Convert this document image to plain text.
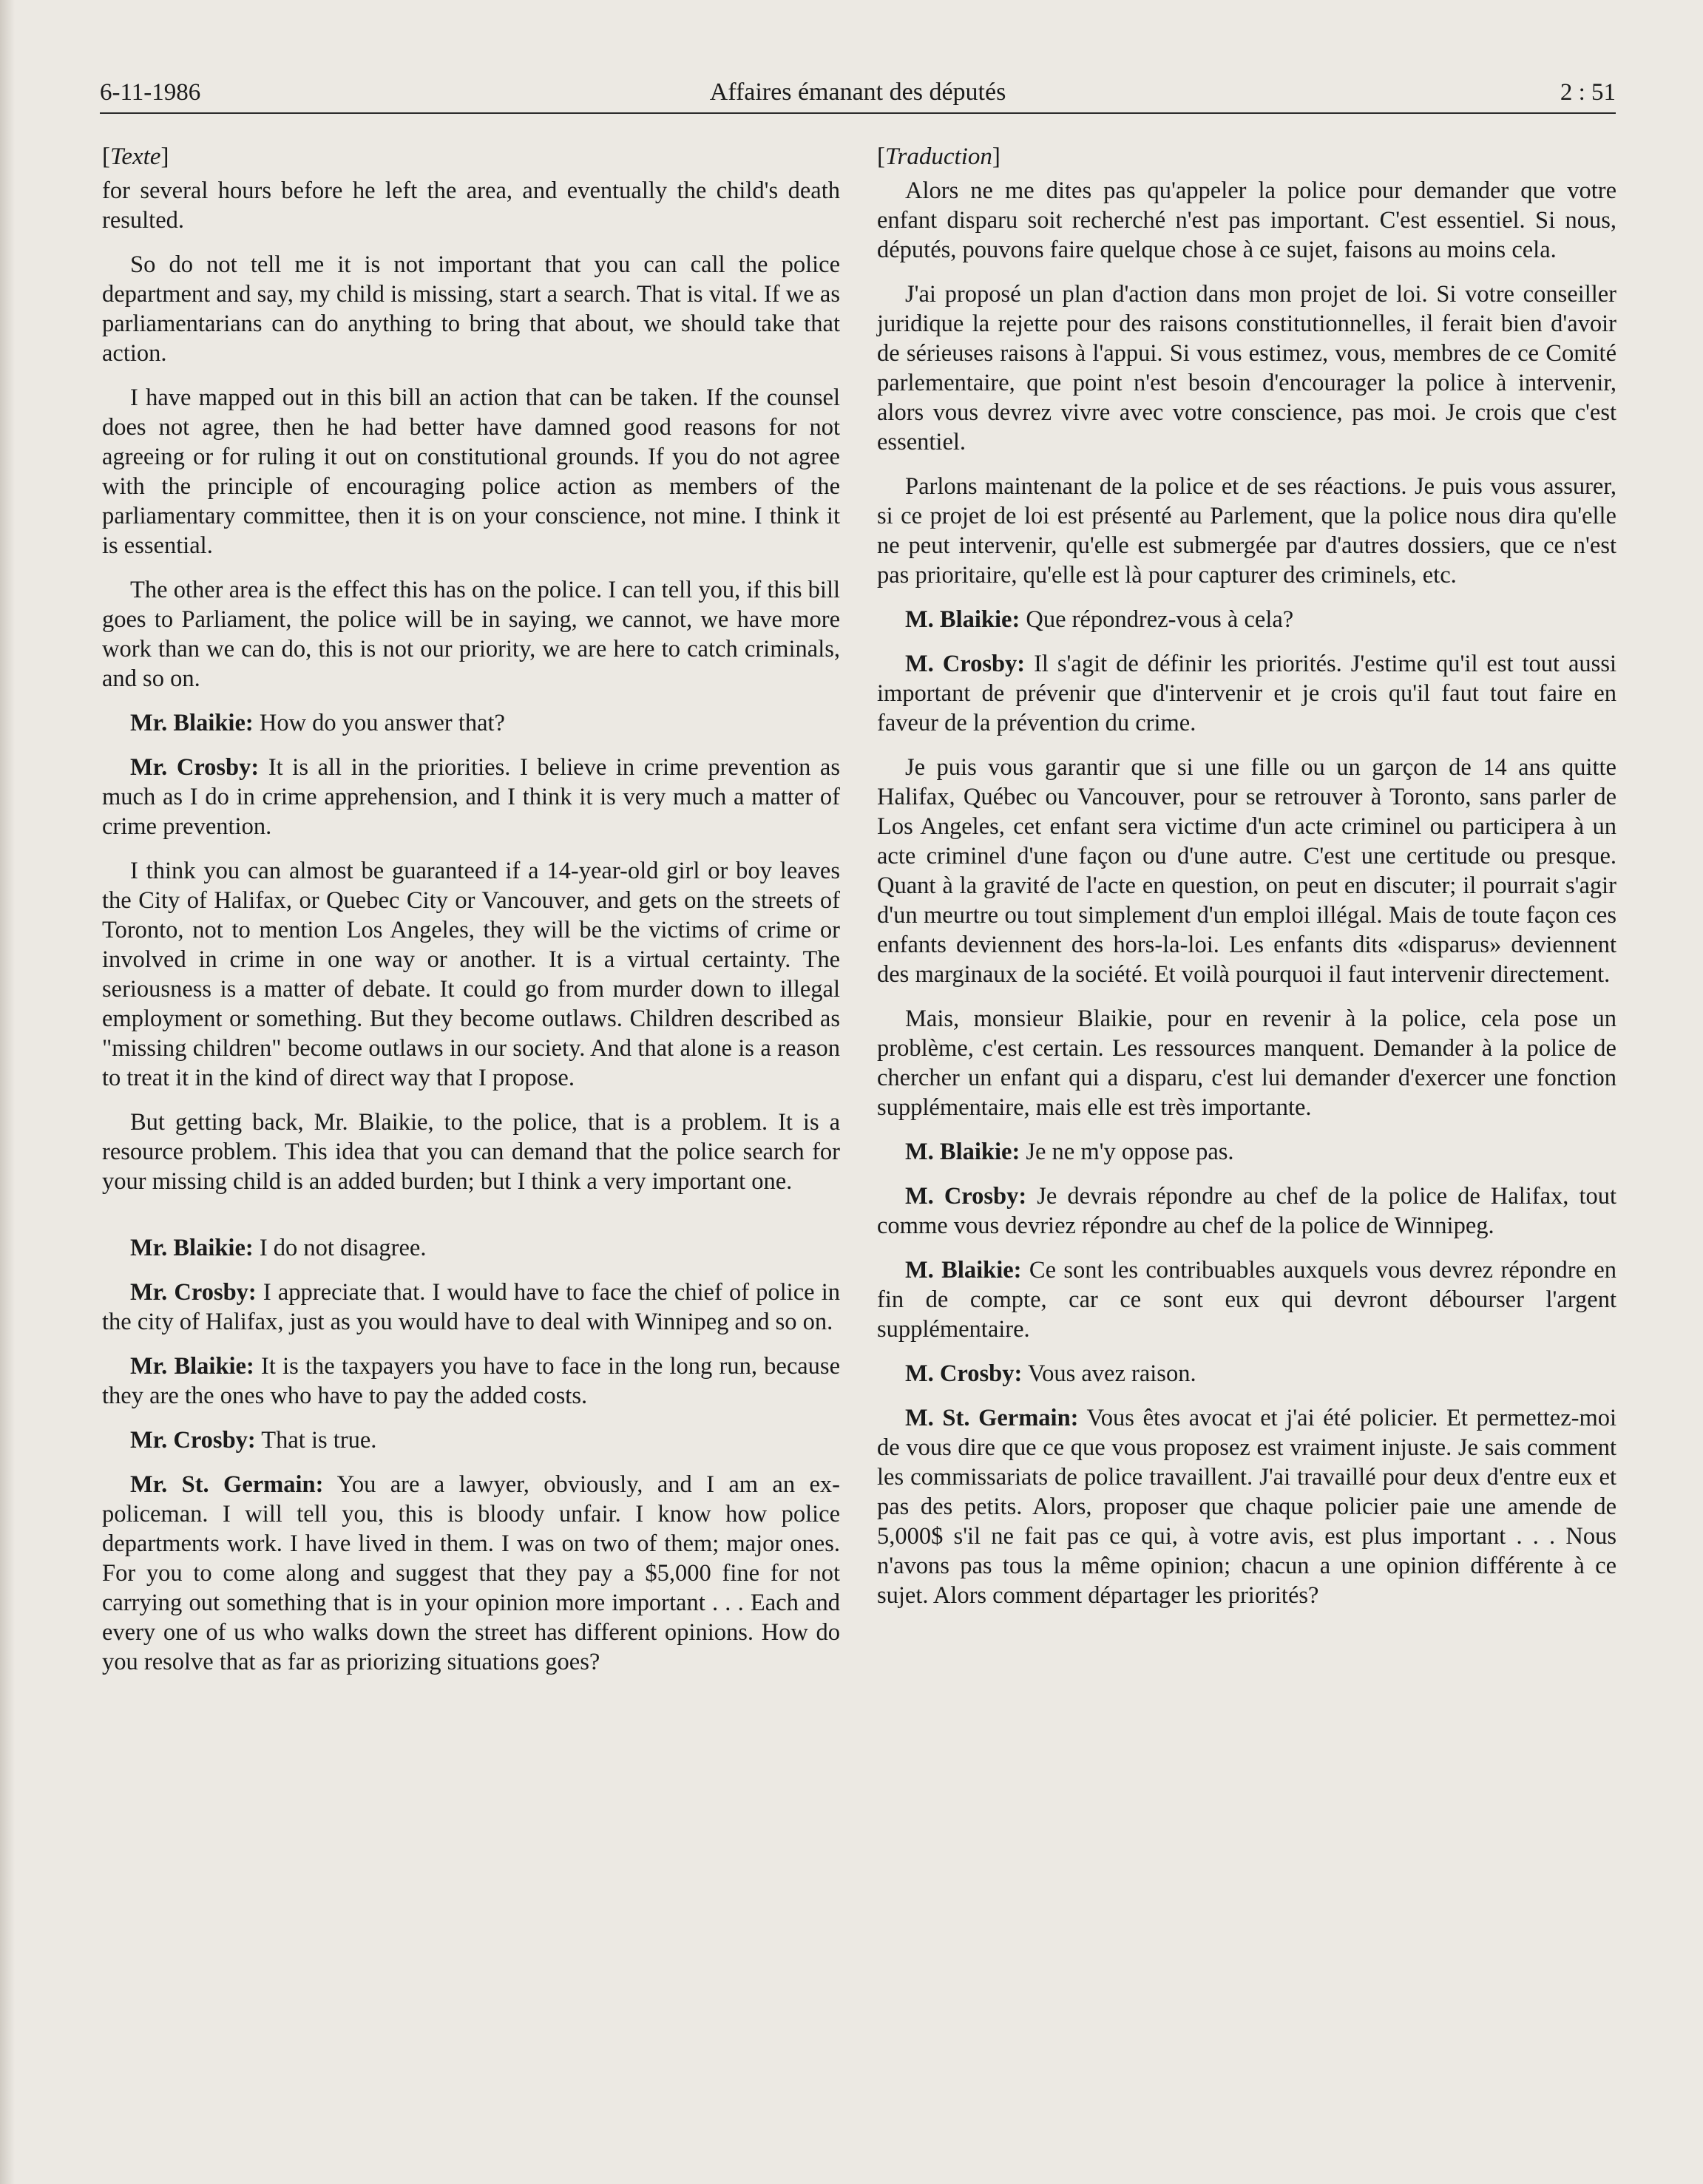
6-11-1986	Affaires émanant des députés	2 : 51
[Texte]

for several hours before he left the area, and eventually the child's death resulted.

So do not tell me it is not important that you can call the police department and say, my child is missing, start a search. That is vital. If we as parliamentarians can do anything to bring that about, we should take that action.

I have mapped out in this bill an action that can be taken. If the counsel does not agree, then he had better have damned good reasons for not agreeing or for ruling it out on constitutional grounds. If you do not agree with the principle of encouraging police action as members of the parliamentary committee, then it is on your conscience, not mine. I think it is essential.

The other area is the effect this has on the police. I can tell you, if this bill goes to Parliament, the police will be in saying, we cannot, we have more work than we can do, this is not our priority, we are here to catch criminals, and so on.

Mr. Blaikie: How do you answer that?

Mr. Crosby: It is all in the priorities. I believe in crime prevention as much as I do in crime apprehension, and I think it is very much a matter of crime prevention.

I think you can almost be guaranteed if a 14-year-old girl or boy leaves the City of Halifax, or Quebec City or Vancouver, and gets on the streets of Toronto, not to mention Los Angeles, they will be the victims of crime or involved in crime in one way or another. It is a virtual certainty. The seriousness is a matter of debate. It could go from murder down to illegal employment or something. But they become outlaws. Children described as "missing children" become outlaws in our society. And that alone is a reason to treat it in the kind of direct way that I propose.

But getting back, Mr. Blaikie, to the police, that is a problem. It is a resource problem. This idea that you can demand that the police search for your missing child is an added burden; but I think a very important one.

Mr. Blaikie: I do not disagree.

Mr. Crosby: I appreciate that. I would have to face the chief of police in the city of Halifax, just as you would have to deal with Winnipeg and so on.

Mr. Blaikie: It is the taxpayers you have to face in the long run, because they are the ones who have to pay the added costs.

Mr. Crosby: That is true.

Mr. St. Germain: You are a lawyer, obviously, and I am an ex-policeman. I will tell you, this is bloody unfair. I know how police departments work. I have lived in them. I was on two of them; major ones. For you to come along and suggest that they pay a $5,000 fine for not carrying out something that is in your opinion more important . . . Each and every one of us who walks down the street has different opinions. How do you resolve that as far as priorizing situations goes?

[Traduction]

Alors ne me dites pas qu'appeler la police pour demander que votre enfant disparu soit recherché n'est pas important. C'est essentiel. Si nous, députés, pouvons faire quelque chose à ce sujet, faisons au moins cela.

J'ai proposé un plan d'action dans mon projet de loi. Si votre conseiller juridique la rejette pour des raisons constitutionnelles, il ferait bien d'avoir de sérieuses raisons à l'appui. Si vous estimez, vous, membres de ce Comité parlementaire, que point n'est besoin d'encourager la police à intervenir, alors vous devrez vivre avec votre conscience, pas moi. Je crois que c'est essentiel.

Parlons maintenant de la police et de ses réactions. Je puis vous assurer, si ce projet de loi est présenté au Parlement, que la police nous dira qu'elle ne peut intervenir, qu'elle est submergée par d'autres dossiers, que ce n'est pas prioritaire, qu'elle est là pour capturer des criminels, etc.

M. Blaikie: Que répondrez-vous à cela?

M. Crosby: Il s'agit de définir les priorités. J'estime qu'il est tout aussi important de prévenir que d'intervenir et je crois qu'il faut tout faire en faveur de la prévention du crime.

Je puis vous garantir que si une fille ou un garçon de 14 ans quitte Halifax, Québec ou Vancouver, pour se retrouver à Toronto, sans parler de Los Angeles, cet enfant sera victime d'un acte criminel ou participera à un acte criminel d'une façon ou d'une autre. C'est une certitude ou presque. Quant à la gravité de l'acte en question, on peut en discuter; il pourrait s'agir d'un meurtre ou tout simplement d'un emploi illégal. Mais de toute façon ces enfants deviennent des hors-la-loi. Les enfants dits «disparus» deviennent des marginaux de la société. Et voilà pourquoi il faut intervenir directement.

Mais, monsieur Blaikie, pour en revenir à la police, cela pose un problème, c'est certain. Les ressources manquent. Demander à la police de chercher un enfant qui a disparu, c'est lui demander d'exercer une fonction supplémentaire, mais elle est très importante.

M. Blaikie: Je ne m'y oppose pas.

M. Crosby: Je devrais répondre au chef de la police de Halifax, tout comme vous devriez répondre au chef de la police de Winnipeg.

M. Blaikie: Ce sont les contribuables auxquels vous devrez répondre en fin de compte, car ce sont eux qui devront débourser l'argent supplémentaire.

M. Crosby: Vous avez raison.

M. St. Germain: Vous êtes avocat et j'ai été policier. Et permettez-moi de vous dire que ce que vous proposez est vraiment injuste. Je sais comment les commissariats de police travaillent. J'ai travaillé pour deux d'entre eux et pas des petits. Alors, proposer que chaque policier paie une amende de 5,000$ s'il ne fait pas ce qui, à votre avis, est plus important . . . Nous n'avons pas tous la même opinion; chacun a une opinion différente à ce sujet. Alors comment départager les priorités?
